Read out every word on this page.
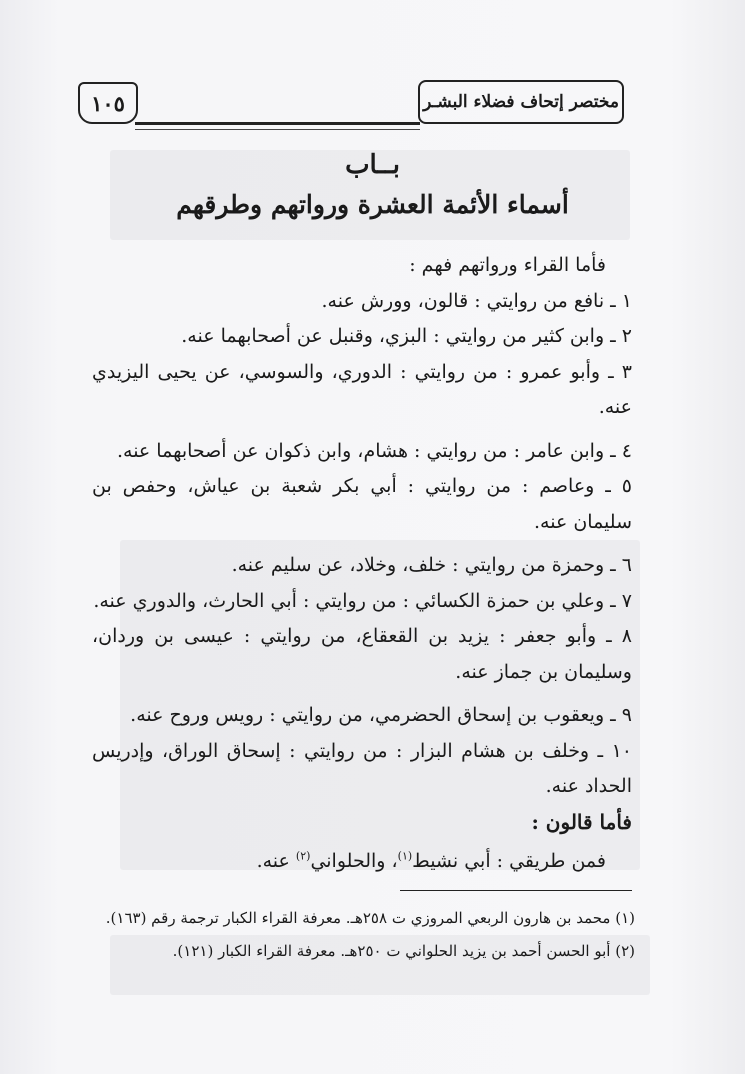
مختصر إتحاف فضلاء البشـر
١٠٥
بــاب
أسماء الأئمة العشرة ورواتهم وطرقهم

فأما القراء ورواتهم فهم :

١ ـ نافع من روايتي : قالون، وورش عنه.

٢ ـ وابن كثير من روايتي : البزي، وقنبل عن أصحابهما عنه.

٣ ـ وأبو عمرو : من روايتي : الدوري، والسوسي، عن يحيى اليزيدي عنه.

٤ ـ وابن عامر : من روايتي : هشام، وابن ذكوان عن أصحابهما عنه.

٥ ـ وعاصم : من روايتي : أبي بكر شعبة بن عياش، وحفص بن سليمان عنه.

٦ ـ وحمزة من روايتي : خلف، وخلاد، عن سليم عنه.

٧ ـ وعلي بن حمزة الكسائي : من روايتي : أبي الحارث، والدوري عنه.

٨ ـ وأبو جعفر : يزيد بن القعقاع، من روايتي : عيسى بن وردان، وسليمان بن جماز عنه.

٩ ـ ويعقوب بن إسحاق الحضرمي، من روايتي : رويس وروح عنه.

١٠ ـ وخلف بن هشام البزار : من روايتي : إسحاق الوراق، وإدريس الحداد عنه.

فأما قالون :

فمن طريقي : أبي نشيط$^{(١)}$، والحلواني$^{(٢)}$ عنه.

(١) محمد بن هارون الربعي المروزي ت ٢٥٨هـ. معرفة القراء الكبار ترجمة رقم (١٦٣).

(٢) أبو الحسن أحمد بن يزيد الحلواني ت ٢٥٠هـ. معرفة القراء الكبار (١٢١).
